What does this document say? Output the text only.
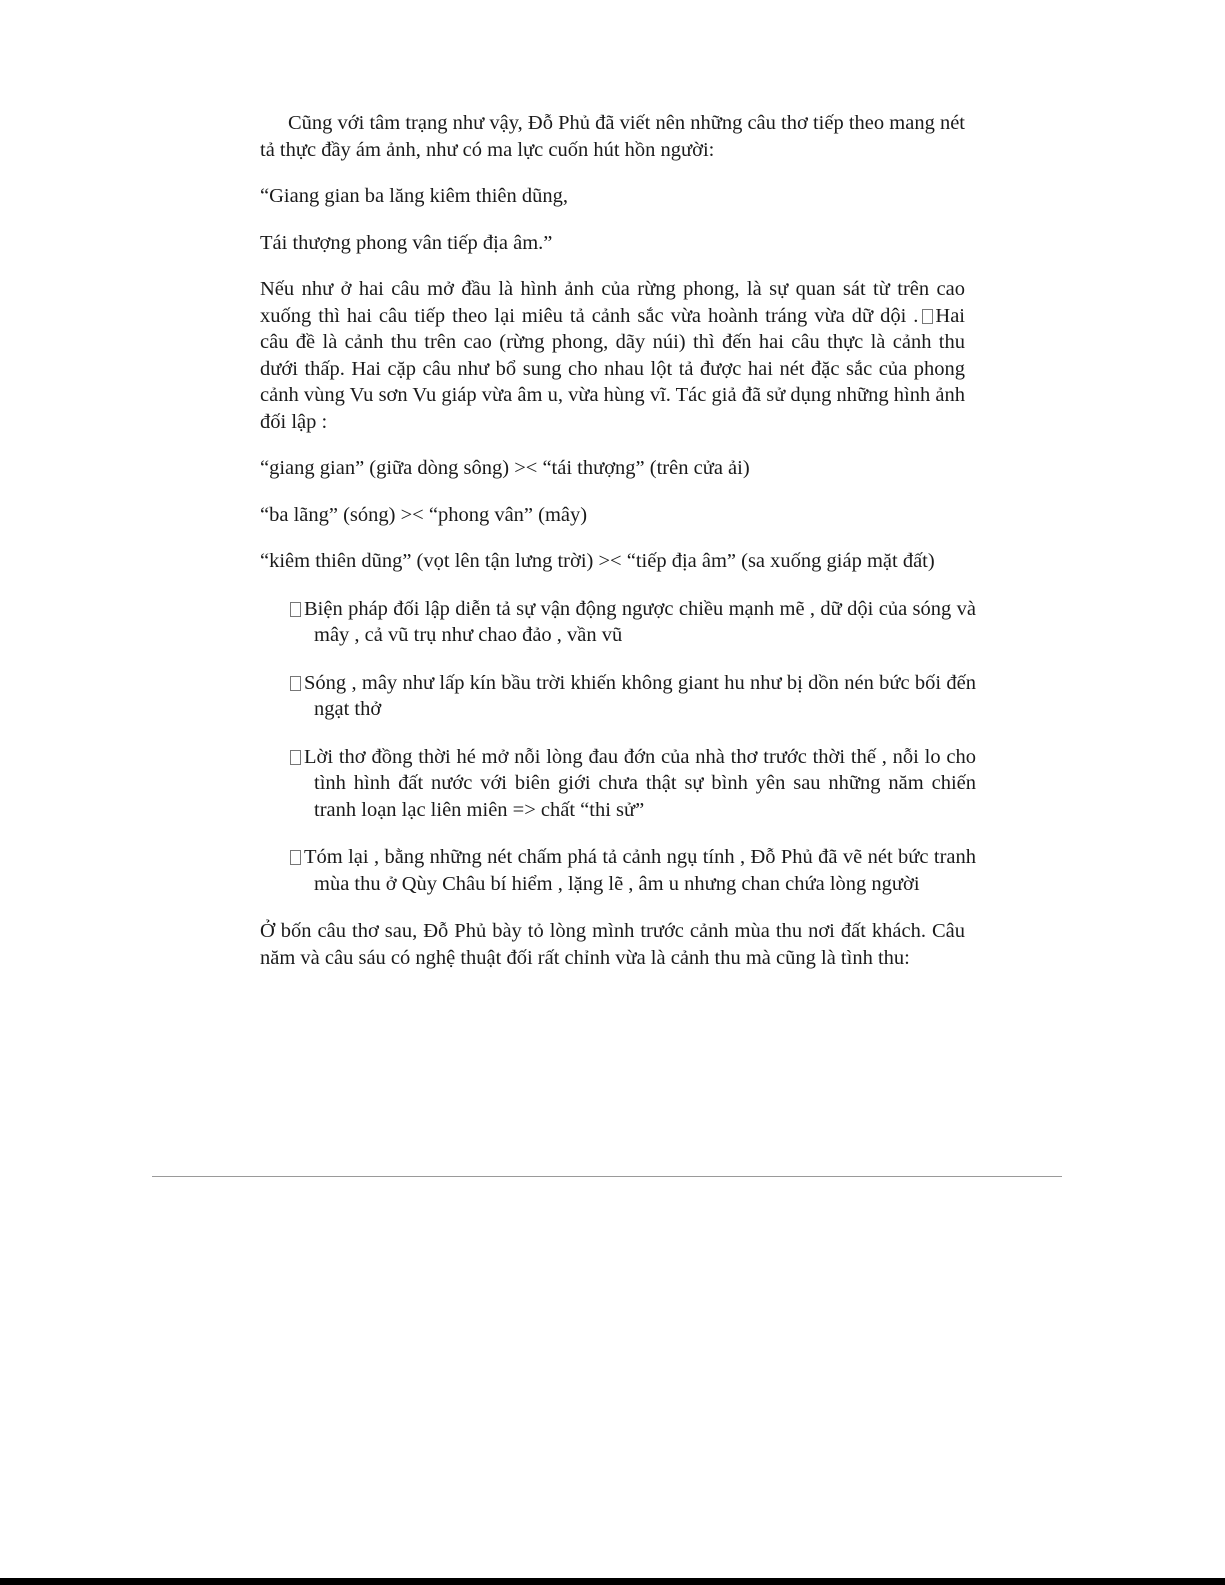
Cũng với tâm trạng như vậy, Đỗ Phủ đã viết nên những câu thơ tiếp theo mang nét tả thực đầy ám ảnh, như có ma lực cuốn hút hồn người:

“Giang gian ba lăng kiêm thiên dũng,

Tái thượng phong vân tiếp địa âm.”

Nếu như ở hai câu mở đầu là hình ảnh của rừng phong, là sự quan sát từ trên cao xuống thì hai câu tiếp theo lại miêu tả cảnh sắc vừa hoành tráng vừa dữ dội . Hai câu đề là cảnh thu trên cao (rừng phong, dãy núi) thì đến hai câu thực là cảnh thu dưới thấp. Hai cặp câu như bổ sung cho nhau lột tả được hai nét đặc sắc của phong cảnh vùng Vu sơn Vu giáp vừa âm u, vừa hùng vĩ. Tác giả đã sử dụng những hình ảnh đối lập :

“giang gian” (giữa dòng sông) >< “tái thượng” (trên cửa ải)

“ba lãng” (sóng) >< “phong vân” (mây)

“kiêm thiên dũng” (vọt lên tận lưng trời) >< “tiếp địa âm” (sa xuống giáp mặt đất)

Biện pháp đối lập diễn tả sự vận động ngược chiều mạnh mẽ , dữ dội của sóng và mây , cả vũ trụ như chao đảo , vần vũ

Sóng , mây như lấp kín bầu trời khiến không giant hu như bị dồn nén bức bối đến ngạt thở

Lời thơ đồng thời hé mở nỗi lòng đau đớn của nhà thơ trước thời thế , nỗi lo cho tình hình đất nước với biên giới chưa thật sự bình yên sau những năm chiến tranh loạn lạc liên miên => chất “thi sử”

Tóm lại , bằng những nét chấm phá tả cảnh ngụ tính , Đỗ Phủ đã vẽ nét bức tranh mùa thu ở Qùy Châu bí hiểm , lặng lẽ , âm u nhưng chan chứa lòng người

Ở bốn câu thơ sau, Đỗ Phủ bày tỏ lòng mình trước cảnh mùa thu nơi đất khách. Câu năm và câu sáu có nghệ thuật đối rất chỉnh vừa là cảnh thu mà cũng là tình thu:
